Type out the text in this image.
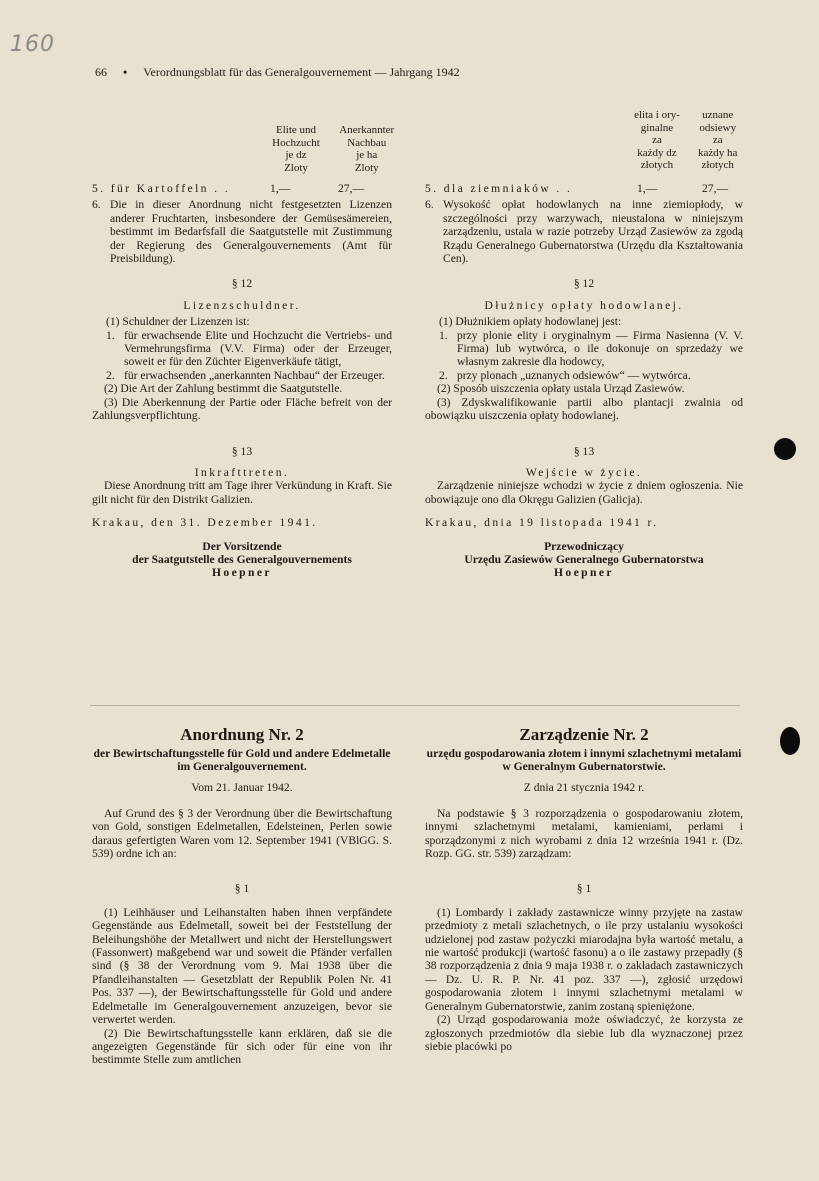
160
66 • Verordnungsblatt für das Generalgouvernement — Jahrgang 1942
Elite und
Hochzucht
je dz
Zloty

Anerkannter
Nachbau
je ha
Zloty
elita i ory-
ginalne
za
każdy dz
złotych

uznane
odsiewy
za
każdy ha
złotych
5. für Kartoffeln . .	1,—	27,—
6. Die in dieser Anordnung nicht festgesetzten Lizenzen anderer Fruchtarten, insbesondere der Gemüsesämereien, bestimmt im Bedarfsfall die Saatgutstelle mit Zustimmung der Regierung des Generalgouvernements (Amt für Preisbildung).

§ 12

Lizenzschuldner.

(1) Schuldner der Lizenzen ist:

1. für erwachsende Elite und Hochzucht die Vertriebs- und Vermehrungsfirma (V.V. Firma) oder der Erzeuger, soweit er für den Züchter Eigenverkäufe tätigt,
2. für erwachsenden „anerkannten Nachbau“ der Erzeuger.

(2) Die Art der Zahlung bestimmt die Saatgutstelle.

(3) Die Aberkennung der Partie oder Fläche befreit von der Zahlungsverpflichtung.

§ 13

Inkrafttreten.

Diese Anordnung tritt am Tage ihrer Verkündung in Kraft. Sie gilt nicht für den Distrikt Galizien.

Krakau, den 31. Dezember 1941.

Der Vorsitzende

der Saatgutstelle des Generalgouvernements

Hoepner

5. dla ziemniaków . .	1,—	27,—
6. Wysokość opłat hodowlanych na inne ziemiopłody, w szczególności przy warzywach, nieustalona w niniejszym zarządzeniu, ustala w razie potrzeby Urząd Zasiewów za zgodą Rządu Generalnego Gubernatorstwa (Urzędu dla Kształtowania Cen).

§ 12

Dłużnicy opłaty hodowlanej.

(1) Dłużnikiem opłaty hodowlanej jest:

1. przy plonie elity i oryginalnym — Firma Nasienna (V. V. Firma) lub wytwórca, o ile dokonuje on sprzedaży we własnym zakresie dla hodowcy,
2. przy plonach „uznanych odsiewów“ — wytwórca.

(2) Sposób uiszczenia opłaty ustala Urząd Zasiewów.

(3) Zdyskwalifikowanie partii albo plantacji zwalnia od obowiązku uiszczenia opłaty hodowlanej.

§ 13

Wejście w życie.

Zarządzenie niniejsze wchodzi w życie z dniem ogłoszenia. Nie obowiązuje ono dla Okręgu Galizien (Galicja).

Krakau, dnia 19 listopada 1941 r.

Przewodniczący

Urzędu Zasiewów Generalnego Gubernatorstwa

Hoepner

Anordnung Nr. 2

der Bewirtschaftungsstelle für Gold und andere Edelmetalle im Generalgouvernement.

Vom 21. Januar 1942.

Auf Grund des § 3 der Verordnung über die Bewirtschaftung von Gold, sonstigen Edelmetallen, Edelsteinen, Perlen sowie daraus gefertigten Waren vom 12. September 1941 (VBlGG. S. 539) ordne ich an:

§ 1

(1) Leihhäuser und Leihanstalten haben ihnen verpfändete Gegenstände aus Edelmetall, soweit bei der Feststellung der Beleihungshöhe der Metallwert und nicht der Herstellungswert (Fassonwert) maßgebend war und soweit die Pfänder verfallen sind (§ 38 der Verordnung vom 9. Mai 1938 über die Pfandleihanstalten — Gesetzblatt der Republik Polen Nr. 41 Pos. 337 —), der Bewirtschaftungsstelle für Gold und andere Edelmetalle im Generalgouvernement anzuzeigen, bevor sie verwertet werden.

(2) Die Bewirtschaftungsstelle kann erklären, daß sie die angezeigten Gegenstände für sich oder für eine von ihr bestimmte Stelle zum amtlichen

Zarządzenie Nr. 2

urzędu gospodarowania złotem i innymi szlachetnymi metalami w Generalnym Gubernatorstwie.

Z dnia 21 stycznia 1942 r.

Na podstawie § 3 rozporządzenia o gospodarowaniu złotem, innymi szlachetnymi metalami, kamieniami, perłami i sporządzonymi z nich wyrobami z dnia 12 września 1941 r. (Dz. Rozp. GG. str. 539) zarządzam:

§ 1

(1) Lombardy i zakłady zastawnicze winny przyjęte na zastaw przedmioty z metali szlachetnych, o ile przy ustalaniu wysokości udzielonej pod zastaw pożyczki miarodajna była wartość metalu, a nie wartość produkcji (wartość fasonu) a o ile zastawy przepadły (§ 38 rozporządzenia z dnia 9 maja 1938 r. o zakładach zastawniczych — Dz. U. R. P. Nr. 41 poz. 337 —), zgłosić urzędowi gospodarowania złotem i innymi szlachetnymi metalami w Generalnym Gubernatorstwie, zanim zostaną spieniężone.

(2) Urząd gospodarowania może oświadczyć, że korzysta ze zgłoszonych przedmiotów dla siebie lub dla wyznaczonej przez siebie placówki po
